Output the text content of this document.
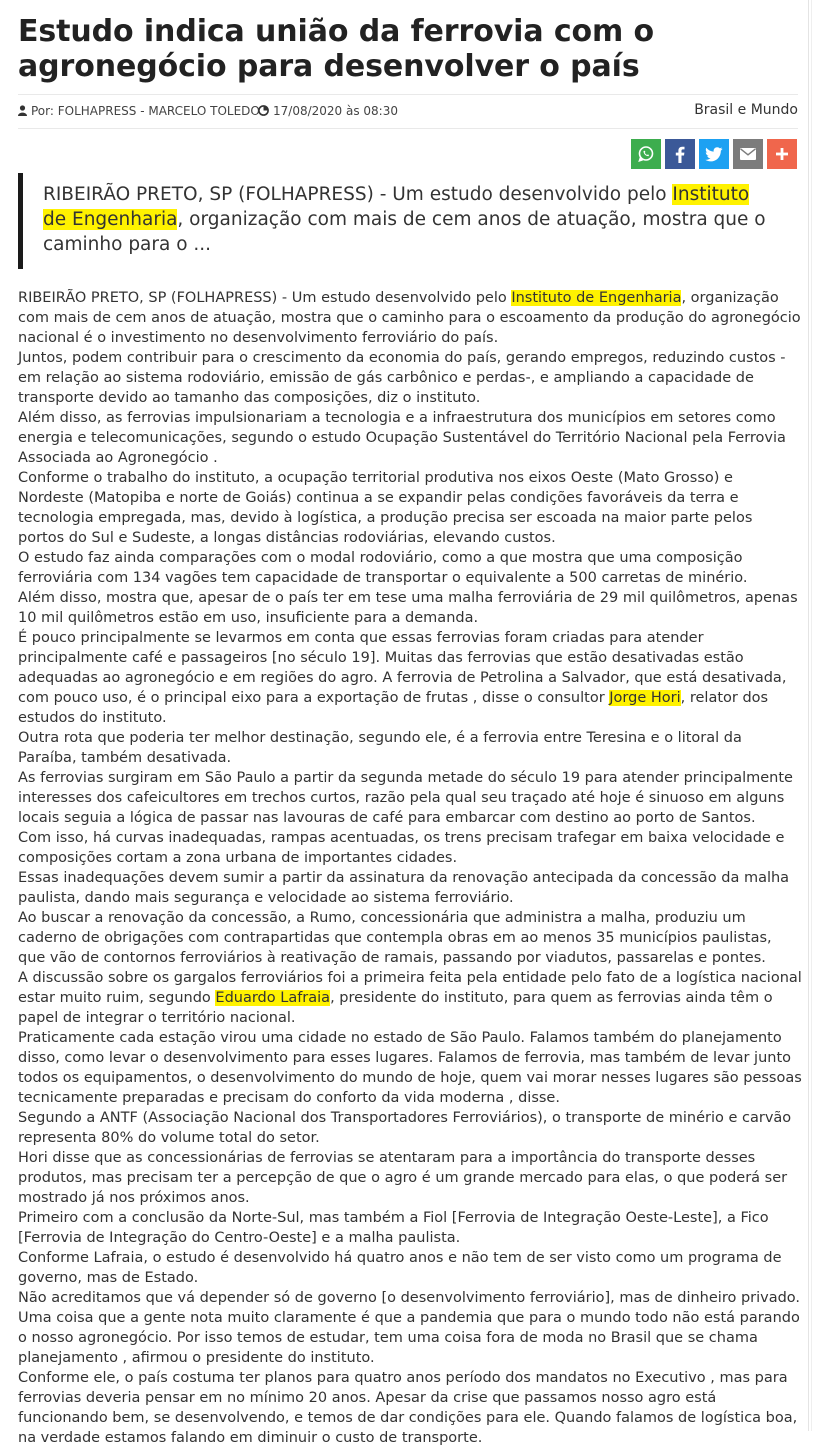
Estudo indica união da ferrovia com o agronegócio para desenvolver o país
Por: FOLHAPRESS - MARCELO TOLEDO	17/08/2020 às 08:30	Brasil e Mundo
RIBEIRÃO PRETO, SP (FOLHAPRESS) - Um estudo desenvolvido pelo Instituto de Engenharia, organização com mais de cem anos de atuação, mostra que o caminho para o ...

RIBEIRÃO PRETO, SP (FOLHAPRESS) - Um estudo desenvolvido pelo Instituto de Engenharia, organização com mais de cem anos de atuação, mostra que o caminho para o escoamento da produção do agronegócio nacional é o investimento no desenvolvimento ferroviário do país.

Juntos, podem contribuir para o crescimento da economia do país, gerando empregos, reduzindo custos -em relação ao sistema rodoviário, emissão de gás carbônico e perdas-, e ampliando a capacidade de transporte devido ao tamanho das composições, diz o instituto.

Além disso, as ferrovias impulsionariam a tecnologia e a infraestrutura dos municípios em setores como energia e telecomunicações, segundo o estudo Ocupação Sustentável do Território Nacional pela Ferrovia Associada ao Agronegócio .

Conforme o trabalho do instituto, a ocupação territorial produtiva nos eixos Oeste (Mato Grosso) e Nordeste (Matopiba e norte de Goiás) continua a se expandir pelas condições favoráveis da terra e tecnologia empregada, mas, devido à logística, a produção precisa ser escoada na maior parte pelos portos do Sul e Sudeste, a longas distâncias rodoviárias, elevando custos.

O estudo faz ainda comparações com o modal rodoviário, como a que mostra que uma composição ferroviária com 134 vagões tem capacidade de transportar o equivalente a 500 carretas de minério.

Além disso, mostra que, apesar de o país ter em tese uma malha ferroviária de 29 mil quilômetros, apenas 10 mil quilômetros estão em uso, insuficiente para a demanda.

É pouco principalmente se levarmos em conta que essas ferrovias foram criadas para atender principalmente café e passageiros [no século 19]. Muitas das ferrovias que estão desativadas estão adequadas ao agronegócio e em regiões do agro. A ferrovia de Petrolina a Salvador, que está desativada, com pouco uso, é o principal eixo para a exportação de frutas , disse o consultor Jorge Hori, relator dos estudos do instituto.

Outra rota que poderia ter melhor destinação, segundo ele, é a ferrovia entre Teresina e o litoral da Paraíba, também desativada.

As ferrovias surgiram em São Paulo a partir da segunda metade do século 19 para atender principalmente interesses dos cafeicultores em trechos curtos, razão pela qual seu traçado até hoje é sinuoso em alguns locais seguia a lógica de passar nas lavouras de café para embarcar com destino ao porto de Santos.

Com isso, há curvas inadequadas, rampas acentuadas, os trens precisam trafegar em baixa velocidade e composições cortam a zona urbana de importantes cidades.

Essas inadequações devem sumir a partir da assinatura da renovação antecipada da concessão da malha paulista, dando mais segurança e velocidade ao sistema ferroviário.

Ao buscar a renovação da concessão, a Rumo, concessionária que administra a malha, produziu um caderno de obrigações com contrapartidas que contempla obras em ao menos 35 municípios paulistas, que vão de contornos ferroviários à reativação de ramais, passando por viadutos, passarelas e pontes.

A discussão sobre os gargalos ferroviários foi a primeira feita pela entidade pelo fato de a logística nacional estar muito ruim, segundo Eduardo Lafraia, presidente do instituto, para quem as ferrovias ainda têm o papel de integrar o território nacional.

Praticamente cada estação virou uma cidade no estado de São Paulo. Falamos também do planejamento disso, como levar o desenvolvimento para esses lugares. Falamos de ferrovia, mas também de levar junto todos os equipamentos, o desenvolvimento do mundo de hoje, quem vai morar nesses lugares são pessoas tecnicamente preparadas e precisam do conforto da vida moderna , disse.

Segundo a ANTF (Associação Nacional dos Transportadores Ferroviários), o transporte de minério e carvão representa 80% do volume total do setor.

Hori disse que as concessionárias de ferrovias se atentaram para a importância do transporte desses produtos, mas precisam ter a percepção de que o agro é um grande mercado para elas, o que poderá ser mostrado já nos próximos anos.

Primeiro com a conclusão da Norte-Sul, mas também a Fiol [Ferrovia de Integração Oeste-Leste], a Fico [Ferrovia de Integração do Centro-Oeste] e a malha paulista.

Conforme Lafraia, o estudo é desenvolvido há quatro anos e não tem de ser visto como um programa de governo, mas de Estado.

Não acreditamos que vá depender só de governo [o desenvolvimento ferroviário], mas de dinheiro privado. Uma coisa que a gente nota muito claramente é que a pandemia que para o mundo todo não está parando o nosso agronegócio. Por isso temos de estudar, tem uma coisa fora de moda no Brasil que se chama planejamento , afirmou o presidente do instituto.

Conforme ele, o país costuma ter planos para quatro anos período dos mandatos no Executivo , mas para ferrovias deveria pensar em no mínimo 20 anos. Apesar da crise que passamos nosso agro está funcionando bem, se desenvolvendo, e temos de dar condições para ele. Quando falamos de logística boa, na verdade estamos falando em diminuir o custo de transporte.
